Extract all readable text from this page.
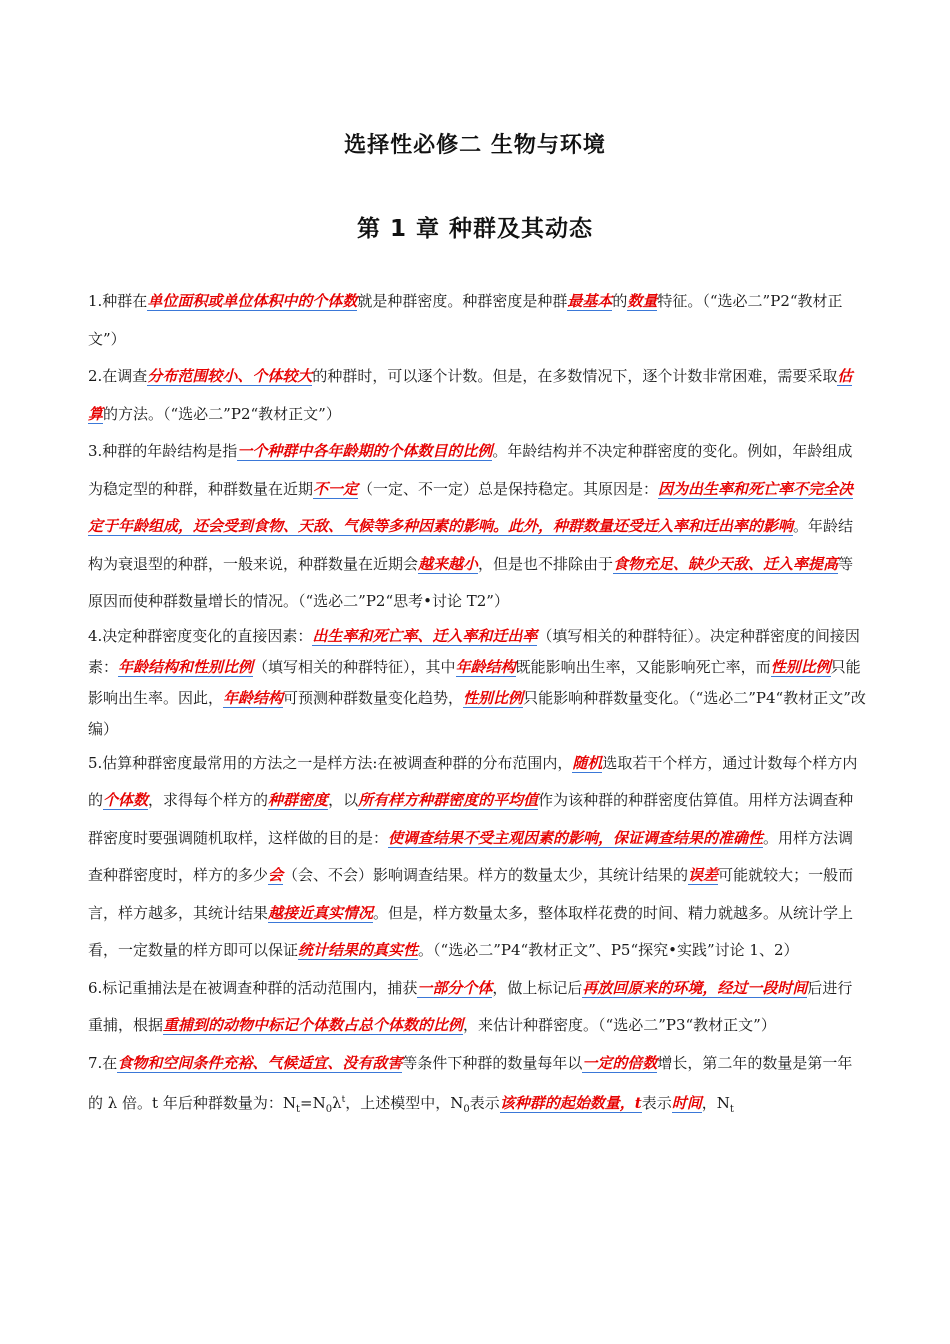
选择性必修二 生物与环境
第 1 章 种群及其动态
1.种群在单位面积或单位体积中的个体数就是种群密度。种群密度是种群最基本的数量特征。（“选必二”P2“教材正文”）
2.在调查分布范围较小、个体较大的种群时，可以逐个计数。但是，在多数情况下，逐个计数非常困难，需要采取估算的方法。（“选必二”P2“教材正文”）
3.种群的年龄结构是指一个种群中各年龄期的个体数目的比例。年龄结构并不决定种群密度的变化。例如，年龄组成为稳定型的种群，种群数量在近期不一定（一定、不一定）总是保持稳定。其原因是：因为出生率和死亡率不完全决定于年龄组成，还会受到食物、天敌、气候等多种因素的影响。此外，种群数量还受迁入率和迁出率的影响。年龄结构为衰退型的种群，一般来说，种群数量在近期会越来越小，但是也不排除由于食物充足、缺少天敌、迁入率提高等原因而使种群数量增长的情况。（“选必二”P2“思考•讨论 T2”）
4.决定种群密度变化的直接因素：出生率和死亡率、迁入率和迁出率（填写相关的种群特征）。决定种群密度的间接因素：年龄结构和性别比例（填写相关的种群特征），其中年龄结构既能影响出生率，又能影响死亡率，而性别比例只能影响出生率。因此，年龄结构可预测种群数量变化趋势，性别比例只能影响种群数量变化。（“选必二”P4“教材正文”改编）
5.估算种群密度最常用的方法之一是样方法:在被调查种群的分布范围内，随机选取若干个样方，通过计数每个样方内的个体数，求得每个样方的种群密度，以所有样方种群密度的平均值作为该种群的种群密度估算值。用样方法调查种群密度时要强调随机取样，这样做的目的是：使调查结果不受主观因素的影响，保证调查结果的准确性。用样方法调查种群密度时，样方的多少会（会、不会）影响调查结果。样方的数量太少，其统计结果的误差可能就较大；一般而言，样方越多，其统计结果越接近真实情况。但是，样方数量太多，整体取样花费的时间、精力就越多。从统计学上看，一定数量的样方即可以保证统计结果的真实性。（“选必二”P4“教材正文”、P5“探究•实践”讨论 1、2）
6.标记重捕法是在被调查种群的活动范围内，捕获一部分个体，做上标记后再放回原来的环境，经过一段时间后进行重捕，根据重捕到的动物中标记个体数占总个体数的比例，来估计种群密度。（“选必二”P3“教材正文”）
7.在食物和空间条件充裕、气候适宜、没有敌害等条件下种群的数量每年以一定的倍数增长，第二年的数量是第一年的 λ 倍。t 年后种群数量为：$N_t=N_0\lambda^t$，上述模型中，$N_0$表示该种群的起始数量，t表示时间，$N_t$
